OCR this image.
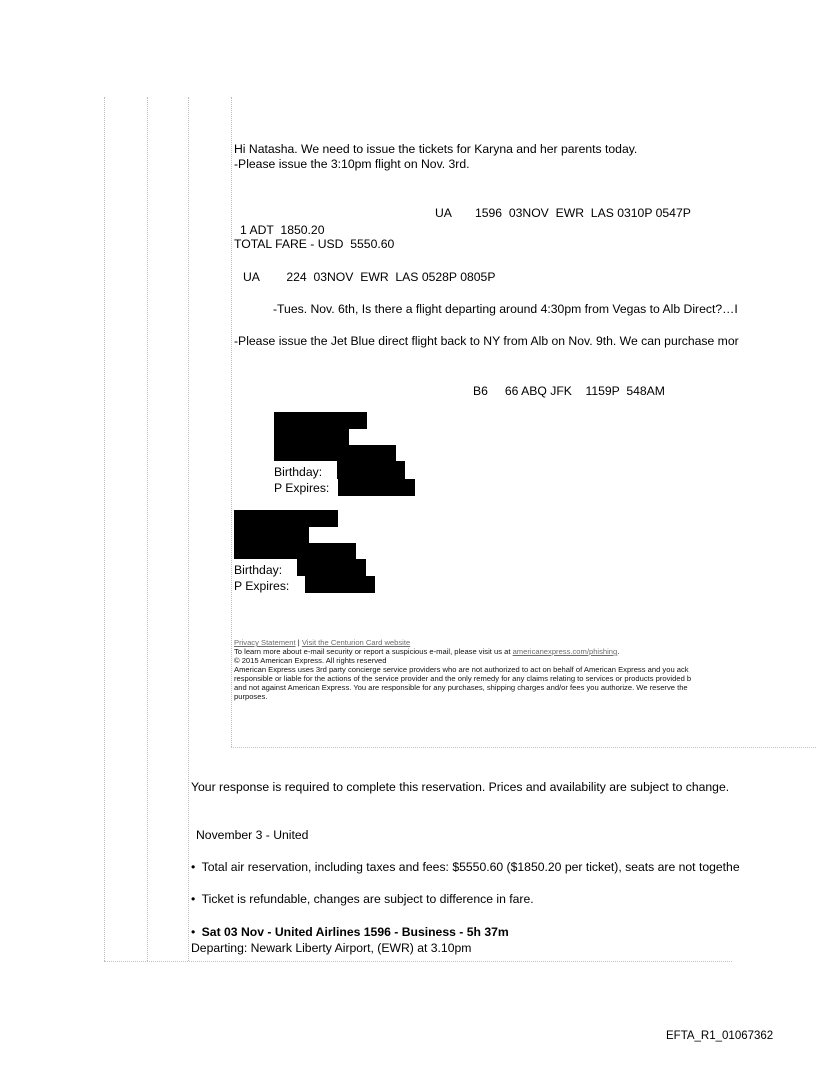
Hi Natasha. We need to issue the tickets for Karyna and her parents today.
-Please issue the 3:10pm flight on Nov. 3rd.
UA       1596  03NOV  EWR  LAS 0310P 0547P
1 ADT  1850.20
TOTAL FARE - USD  5550.60
UA        224  03NOV  EWR  LAS 0528P 0805P
-Tues. Nov. 6th, Is there a flight departing around 4:30pm from Vegas to Alb Direct?…I
-Please issue the Jet Blue direct flight back to NY from Alb on Nov. 9th. We can purchase mor
B6     66 ABQ JFK    1159P  548AM
Birthday:
P Expires:
Birthday:
P Expires:
Privacy Statement | Visit the Centurion Card website
To learn more about e-mail security or report a suspicious e-mail, please visit us at americanexpress.com/phishing.
© 2015 American Express. All rights reserved
American Express uses 3rd party concierge service providers who are not authorized to act on behalf of American Express and you ack
responsible or liable for the actions of the service provider and the only remedy for any claims relating to services or products provided b
and not against American Express. You are responsible for any purchases, shipping charges and/or fees you authorize. We reserve the
purposes.
Your response is required to complete this reservation. Prices and availability are subject to change.
November 3 - United
• Total air reservation, including taxes and fees: $5550.60 ($1850.20 per ticket), seats are not togethe
• Ticket is refundable, changes are subject to difference in fare.
• Sat 03 Nov - United Airlines 1596 - Business - 5h 37m
Departing: Newark Liberty Airport, (EWR) at 3.10pm
EFTA_R1_01067362
